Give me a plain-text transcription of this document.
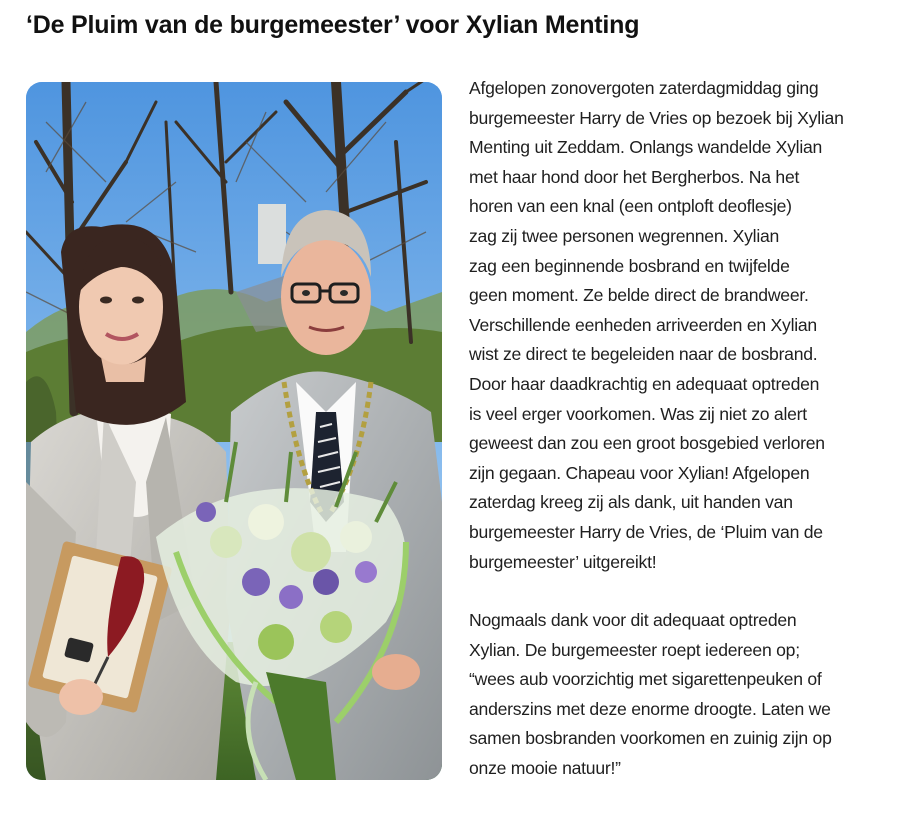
‘De Pluim van de burgemeester’ voor Xylian Menting

Afgelopen zonovergoten zaterdagmiddag ging
burgemeester Harry de Vries op bezoek bij Xylian
Menting uit Zeddam. Onlangs wandelde Xylian
met haar hond door het Bergherbos. Na het
horen van een knal (een ontploft deoflesje)
zag zij twee personen wegrennen. Xylian
zag een beginnende bosbrand en twijfelde
geen moment. Ze belde direct de brandweer.
Verschillende eenheden arriveerden en Xylian
wist ze direct te begeleiden naar de bosbrand.
Door haar daadkrachtig en adequaat optreden
is veel erger voorkomen. Was zij niet zo alert
geweest dan zou een groot bosgebied verloren
zijn gegaan. Chapeau voor Xylian! Afgelopen
zaterdag kreeg zij als dank, uit handen van
burgemeester Harry de Vries, de ‘Pluim van de
burgemeester’ uitgereikt!

Nogmaals dank voor dit adequaat optreden
Xylian. De burgemeester roept iedereen op;
“wees aub voorzichtig met sigarettenpeuken of
anderszins met deze enorme droogte. Laten we
samen bosbranden voorkomen en zuinig zijn op
onze mooie natuur!”
